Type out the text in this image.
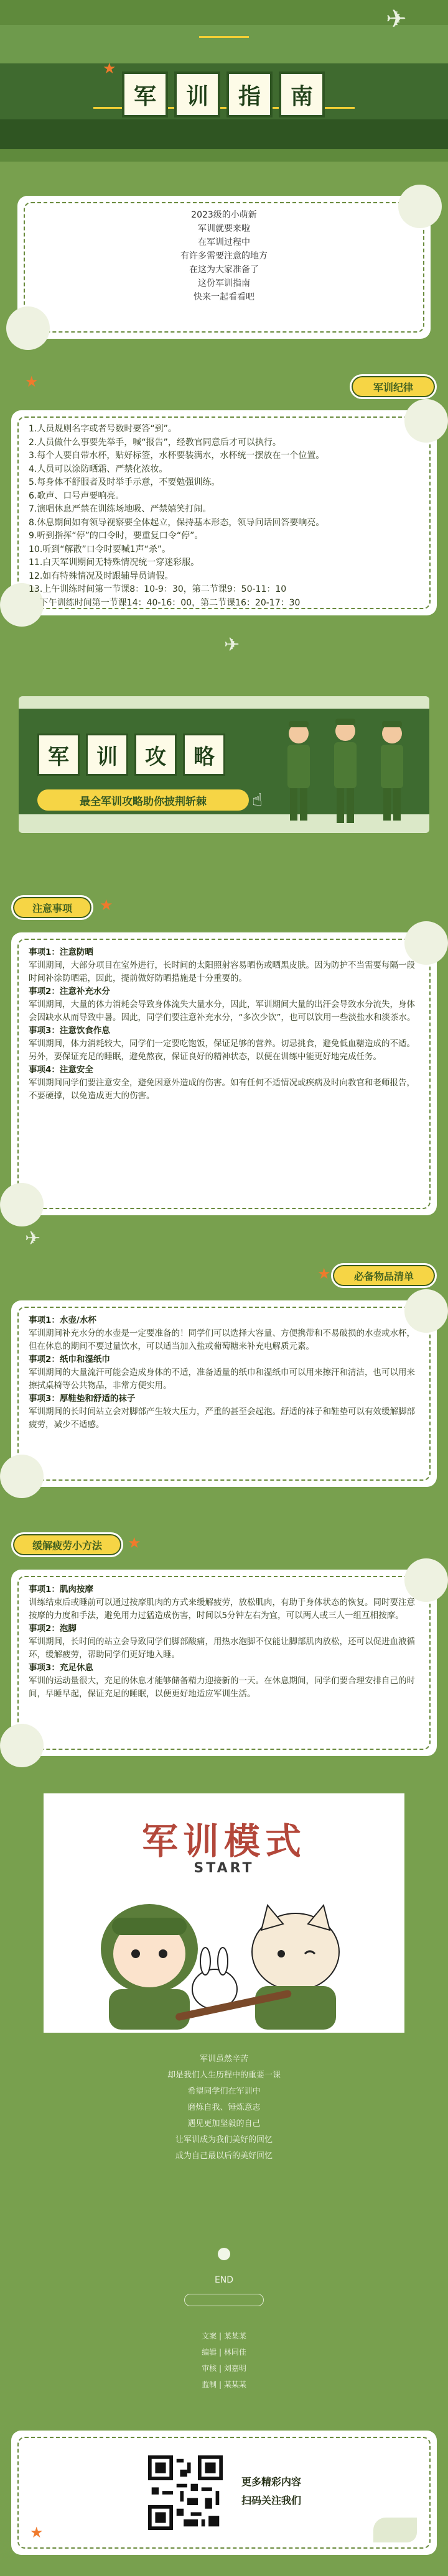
★
✈
军	训	指	南
2023级的小萌新
军训就要来啦
在军训过程中
有许多需要注意的地方
在这为大家准备了
这份军训指南
快来一起看看吧
★	军训纪律
1.人员规则名字或者号数时要答“到”。
2.人员做什么事要先举手，喊“报告”，经教官同意后才可以执行。
3.每个人要自带水杯，贴好标签，水杯要装满水，水杯统一摆放在一个位置。
4.人员可以涂防晒霜、严禁化浓妆。
5.每身体不舒服者及时举手示意，不要勉强训练。
6.歌声、口号声要响亮。
7.演唱休息严禁在训练场地吸、严禁嬉笑打闹。
8.休息期间如有领导视察要全体起立，保持基本形态，领导问话回答要响亮。
9.听到指挥“停”的口令时，要重复口令“停”。
10.听到“解散”口令时要喊1声“杀”。
11.白天军训期间无特殊情况统一穿迷彩服。
12.如有特殊情况及时跟辅导员请假。
13.上午训练时间第一节课8：10-9：30，第二节课9：50-11：10
下午训练时间第一节课14：40-16：00，第二节课16：20-17：30
✈
军	训	攻	略
最全军训攻略助你披荆斩棘	☝
注意事项	★
事项1：注意防晒
军训期间，大部分项目在室外进行，长时间的太阳照射容易晒伤或晒黑皮肤。因为防护不当需要每隔一段时间补涂防晒霜，因此，提前做好防晒措施是十分重要的。
事项2：注意补充水分
军训期间，大量的体力消耗会导致身体流失大量水分，因此，军训期间大量的出汗会导致水分流失，身体会因缺水从而导致中暑。因此，同学们要注意补充水分，“多次少饮”，也可以饮用一些淡盐水和淡茶水。
事项3：注意饮食作息
军训期间，体力消耗较大，同学们一定要吃饱饭，保证足够的营养。切忌挑食，避免低血糖造成的不适。另外，要保证充足的睡眠，避免熬夜，保证良好的精神状态，以便在训练中能更好地完成任务。
事项4：注意安全
军训期间同学们要注意安全，避免因意外造成的伤害。如有任何不适情况或疾病及时向教官和老师报告，不要硬撑，以免造成更大的伤害。
✈
★	必备物品清单
事项1：水壶/水杯
军训期间补充水分的水壶是一定要准备的！同学们可以选择大容量、方便携带和不易破损的水壶或水杯，但在休息的期间不要过量饮水，可以适当加入盐或葡萄糖来补充电解质元素。
事项2：纸巾和湿纸巾
军训期间的大量流汗可能会造成身体的不适，准备适量的纸巾和湿纸巾可以用来擦汗和清洁，也可以用来擦拭桌椅等公共物品，非常方便实用。
事项3：厚鞋垫和舒适的袜子
军训期间的长时间站立会对脚部产生较大压力，严重的甚至会起泡。舒适的袜子和鞋垫可以有效缓解脚部疲劳，减少不适感。
缓解疲劳小方法	★
事项1：肌肉按摩
训练结束后或睡前可以通过按摩肌肉的方式来缓解疲劳，放松肌肉，有助于身体状态的恢复。同时要注意按摩的力度和手法，避免用力过猛造成伤害，时间以5分钟左右为宜，可以两人或三人一组互相按摩。
事项2：泡脚
军训期间，长时间的站立会导致同学们脚部酸痛，用热水泡脚不仅能让脚部肌肉放松，还可以促进血液循环，缓解疲劳，帮助同学们更好地入睡。
事项3：充足休息
军训的运动量很大，充足的休息才能够储备精力迎接新的一天。在休息期间，同学们要合理安排自己的时间，早睡早起，保证充足的睡眠，以便更好地适应军训生活。
军训模式
START
军训虽然辛苦
却是我们人生历程中的重要一课
希望同学们在军训中
磨炼自我、锤炼意志
遇见更加坚毅的自己
让军训成为我们美好的回忆
成为自己最以后的美好回忆
END
文案 | 某某某
编辑 | 林同佳
审核 | 刘嘉明
监制 | 某某某
★
更多精彩内容
扫码关注我们
